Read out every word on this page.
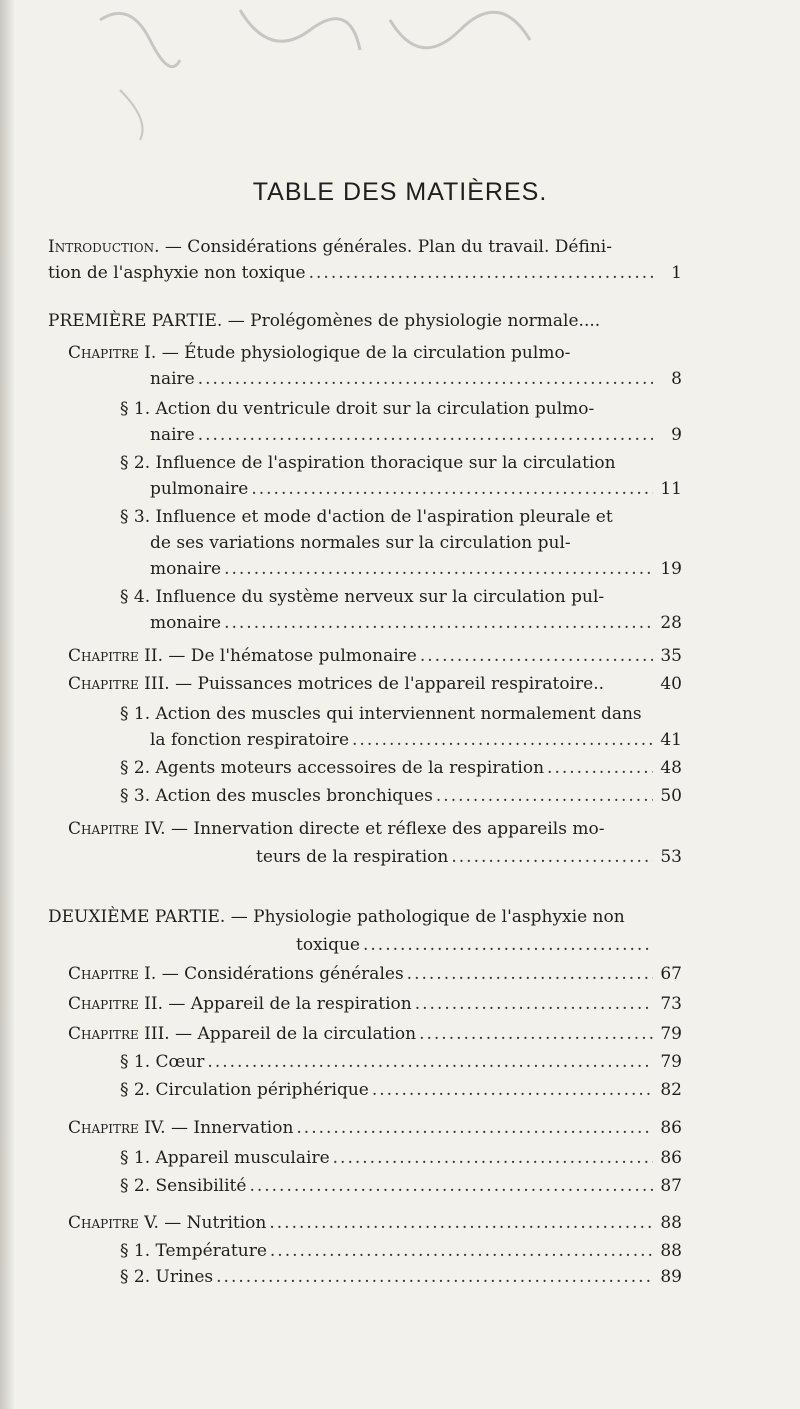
TABLE DES MATIÈRES.
Introduction. — Considérations générales. Plan du travail. Défini-
tion de l'asphyxie non toxique .....	1
PREMIÈRE PARTIE. — Prolégomènes de physiologie normale....
Chapitre I. — Étude physiologique de la circulation pulmo-
naire .....	8
§ 1. Action du ventricule droit sur la circulation pulmo-
naire .....	9
§ 2. Influence de l'aspiration thoracique sur la circulation
pulmonaire .....	11
§ 3. Influence et mode d'action de l'aspiration pleurale et
de ses variations normales sur la circulation pul-
monaire .....	19
§ 4. Influence du système nerveux sur la circulation pul-
monaire .....	28
Chapitre II. — De l'hématose pulmonaire .....	35
Chapitre III. — Puissances motrices de l'appareil respiratoire..	40
§ 1. Action des muscles qui interviennent normalement dans
la fonction respiratoire .....	41
§ 2. Agents moteurs accessoires de la respiration .....	48
§ 3. Action des muscles bronchiques .....	50
Chapitre IV. — Innervation directe et réflexe des appareils mo-
teurs de la respiration .....	53
DEUXIÈME PARTIE. — Physiologie pathologique de l'asphyxie non
toxique
.....
Chapitre I. — Considérations générales .....	67
Chapitre II. — Appareil de la respiration .....	73
Chapitre III. — Appareil de la circulation .....	79
§ 1. Cœur .....	79
§ 2. Circulation périphérique .....	82
Chapitre IV. — Innervation .....	86
§ 1. Appareil musculaire .....	86
§ 2. Sensibilité .....	87
Chapitre V. — Nutrition .....	88
§ 1. Température .....	88
§ 2. Urines .....	89
